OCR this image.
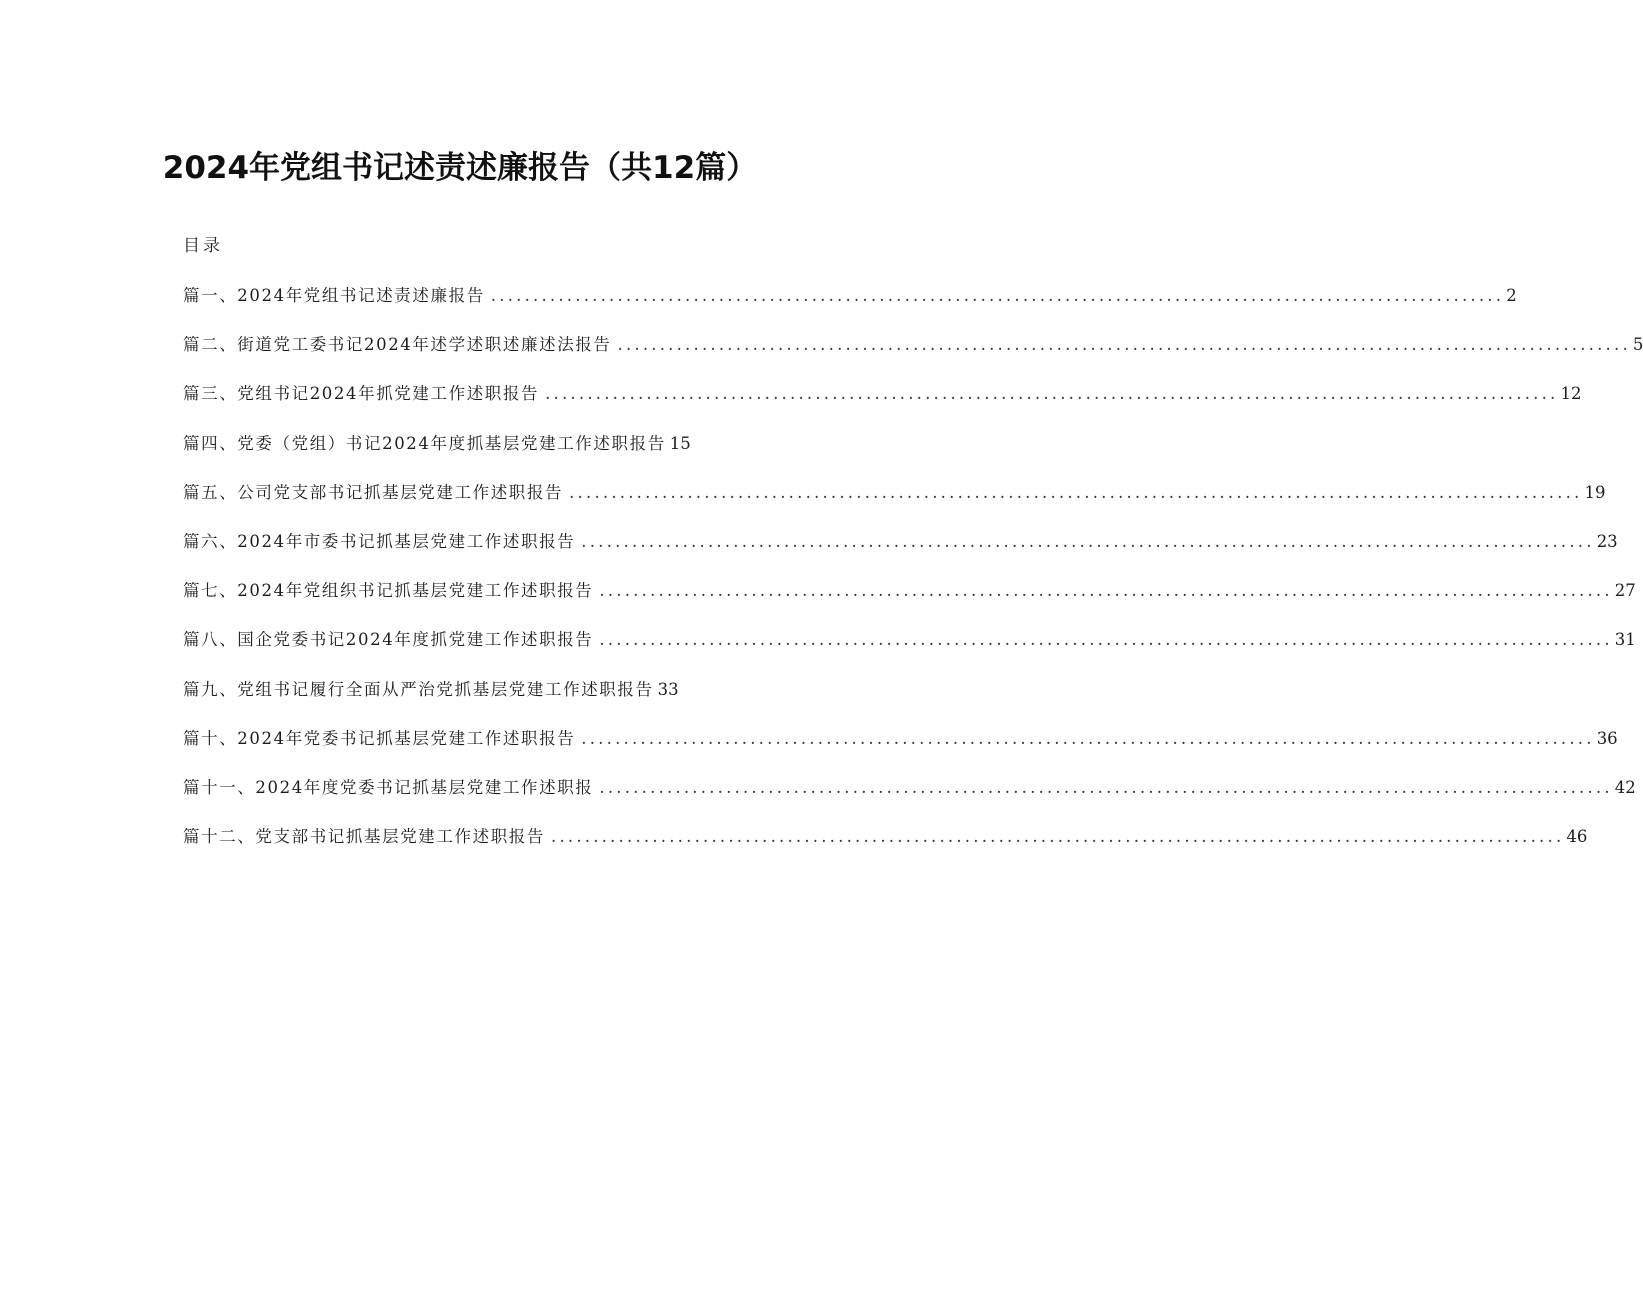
2024年党组书记述责述廉报告（共12篇）
目录
篇一、2024年党组书记述责述廉报告 ........................................................................................................................ 2
篇二、街道党工委书记2024年述学述职述廉述法报告 ........................................................................................................................ 5
篇三、党组书记2024年抓党建工作述职报告 ........................................................................................................................ 12
篇四、党委（党组）书记2024年度抓基层党建工作述职报告 15
篇五、公司党支部书记抓基层党建工作述职报告 ........................................................................................................................ 19
篇六、2024年市委书记抓基层党建工作述职报告 ........................................................................................................................ 23
篇七、2024年党组织书记抓基层党建工作述职报告 ........................................................................................................................ 27
篇八、国企党委书记2024年度抓党建工作述职报告 ........................................................................................................................ 31
篇九、党组书记履行全面从严治党抓基层党建工作述职报告 33
篇十、2024年党委书记抓基层党建工作述职报告 ........................................................................................................................ 36
篇十一、2024年度党委书记抓基层党建工作述职报 ........................................................................................................................ 42
篇十二、党支部书记抓基层党建工作述职报告 ........................................................................................................................ 46
